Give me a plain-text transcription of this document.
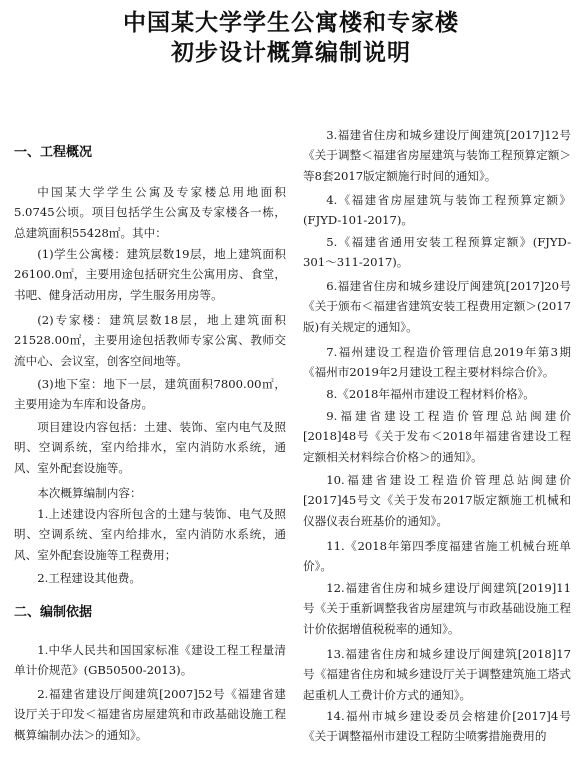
中国某大学学生公寓楼和专家楼
初步设计概算编制说明
一、工程概况

中国某大学学生公寓及专家楼总用地面积5.0745公顷。项目包括学生公寓及专家楼各一栋，总建筑面积55428㎡。其中：

(1)学生公寓楼：建筑层数19层，地上建筑面积26100.0㎡，主要用途包括研究生公寓用房、食堂，书吧、健身活动用房，学生服务用房等。

(2)专家楼：建筑层数18层，地上建筑面积21528.00㎡，主要用途包括教师专家公寓、教师交流中心、会议室，创客空间地等。

(3)地下室：地下一层，建筑面积7800.00㎡，主要用途为车库和设备房。

项目建设内容包括：土建、装饰、室内电气及照明、空调系统，室内给排水，室内消防水系统，通风、室外配套设施等。

本次概算编制内容：

1.上述建设内容所包含的土建与装饰、电气及照明、空调系统、室内给排水，室内消防水系统，通风、室外配套设施等工程费用；

2.工程建设其他费。

二、编制依据

1.中华人民共和国国家标准《建设工程工程量清单计价规范》(GB50500-2013)。

2.福建省建设厅闽建筑[2007]52号《福建省建设厅关于印发＜福建省房屋建筑和市政基础设施工程概算编制办法＞的通知》。

3.福建省住房和城乡建设厅闽建筑[2017]12号《关于调整＜福建省房屋建筑与装饰工程预算定额＞等8套2017版定额施行时间的通知》。

4.《福建省房屋建筑与装饰工程预算定额》(FJYD-101-2017)。

5.《福建省通用安装工程预算定额》(FJYD-301～311-2017)。

6.福建省住房和城乡建设厅闽建筑[2017]20号《关于颁布＜福建省建筑安装工程费用定额＞(2017版)有关规定的通知》。

7.福州建设工程造价管理信息2019年第3期《福州市2019年2月建设工程主要材料综合价》。

8.《2018年福州市建设工程材料价格》。

9.福建省建设工程造价管理总站闽建价[2018]48号《关于发布＜2018年福建省建设工程定额相关材料综合价格＞的通知》。

10.福建省建设工程造价管理总站闽建价[2017]45号文《关于发布2017版定额施工机械和仪器仪表台班基价的通知》。

11.《2018年第四季度福建省施工机械台班单价》。

12.福建省住房和城乡建设厅闽建筑[2019]11号《关于重新调整我省房屋建筑与市政基础设施工程计价依据增值税税率的通知》。

13.福建省住房和城乡建设厅闽建筑[2018]17号《福建省住房和城乡建设厅关于调整建筑施工塔式起重机人工费计价方式的通知》。

14.福州市城乡建设委员会榕建价[2017]4号《关于调整福州市建设工程防尘喷雾措施费用的
